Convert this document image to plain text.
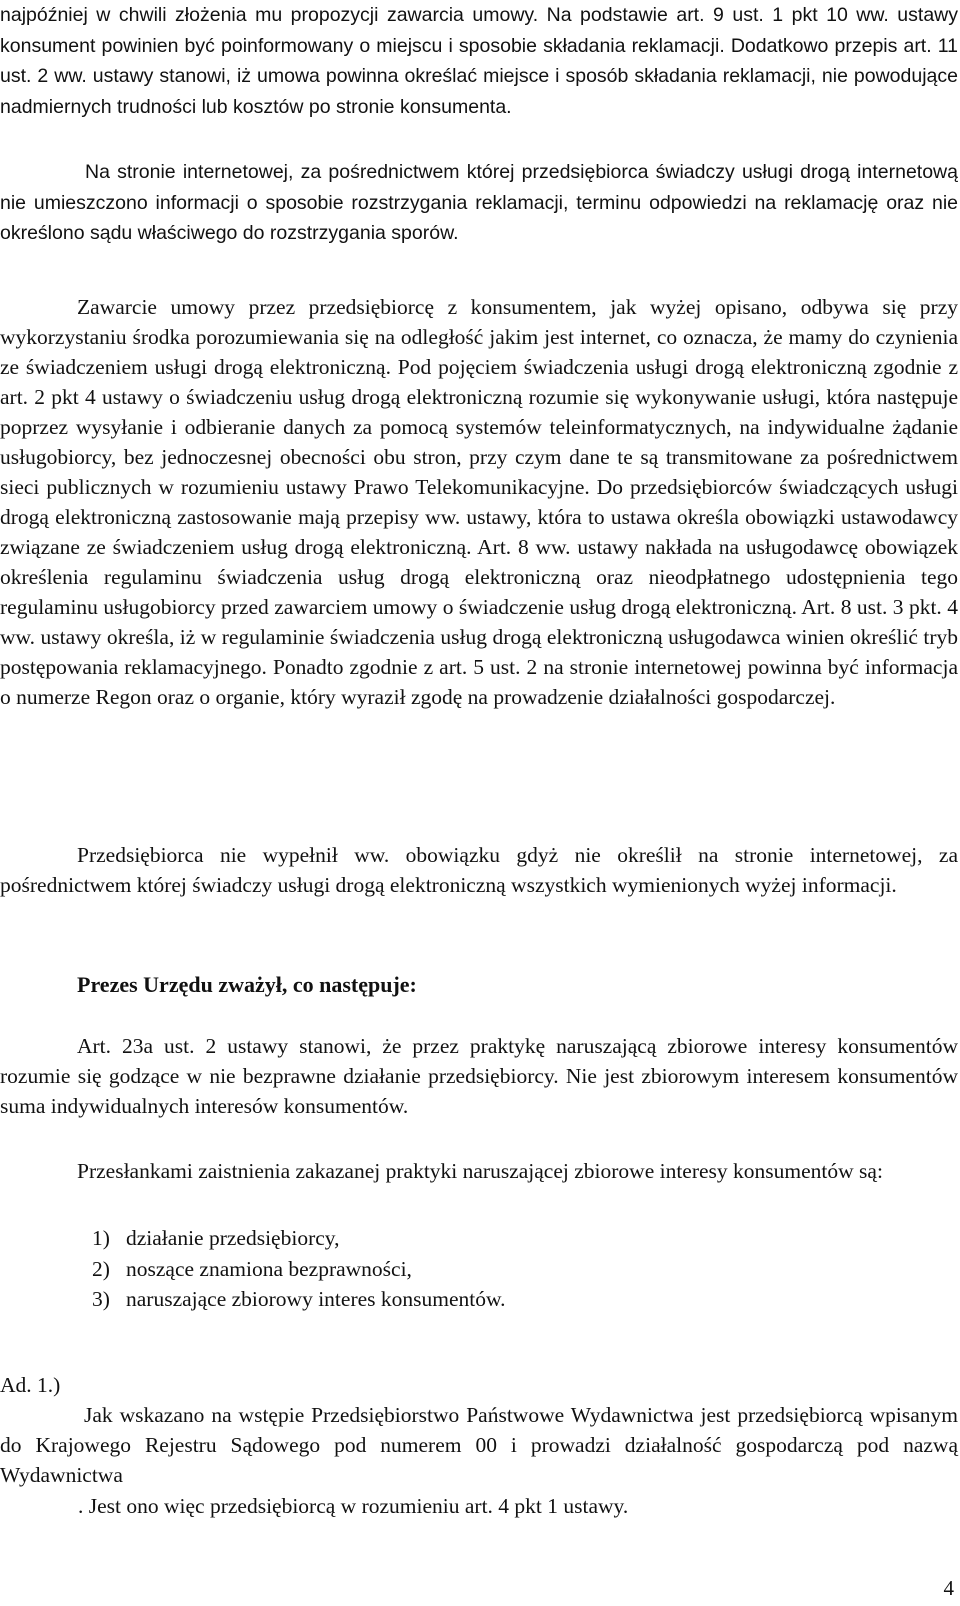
najpóźniej w chwili złożenia mu propozycji zawarcia umowy. Na podstawie art. 9 ust. 1 pkt 10 ww. ustawy konsument powinien być poinformowany o miejscu i sposobie składania reklamacji. Dodatkowo przepis art. 11 ust. 2 ww. ustawy stanowi, iż umowa powinna określać miejsce i sposób składania reklamacji, nie powodujące nadmiernych trudności lub kosztów po stronie konsumenta.

Na stronie internetowej, za pośrednictwem której przedsiębiorca świadczy usługi drogą internetową nie umieszczono informacji o sposobie rozstrzygania reklamacji, terminu odpowiedzi na reklamację oraz nie określono sądu właściwego do rozstrzygania sporów.

Zawarcie umowy przez przedsiębiorcę z konsumentem, jak wyżej opisano, odbywa się przy wykorzystaniu środka porozumiewania się na odległość jakim jest internet, co oznacza, że mamy do czynienia ze świadczeniem usługi drogą elektroniczną. Pod pojęciem świadczenia usługi drogą elektroniczną zgodnie z art. 2 pkt 4 ustawy o świadczeniu usług drogą elektroniczną rozumie się wykonywanie usługi, która następuje poprzez wysyłanie i odbieranie danych za pomocą systemów teleinformatycznych, na indywidualne żądanie usługobiorcy, bez jednoczesnej obecności obu stron, przy czym dane te są transmitowane za pośrednictwem sieci publicznych w rozumieniu ustawy Prawo Telekomunikacyjne. Do przedsiębiorców świadczących usługi drogą elektroniczną zastosowanie mają przepisy ww. ustawy, która to ustawa określa obowiązki ustawodawcy związane ze świadczeniem usług drogą elektroniczną. Art. 8 ww. ustawy nakłada na usługodawcę obowiązek określenia regulaminu świadczenia usług drogą elektroniczną oraz nieodpłatnego udostępnienia tego regulaminu usługobiorcy przed zawarciem umowy o świadczenie usług drogą elektroniczną. Art. 8 ust. 3 pkt. 4 ww. ustawy określa, iż w regulaminie świadczenia usług drogą elektroniczną usługodawca winien określić tryb postępowania reklamacyjnego. Ponadto zgodnie z art. 5 ust. 2 na stronie internetowej powinna być informacja o numerze Regon oraz o organie, który wyraził zgodę na prowadzenie działalności gospodarczej.

Przedsiębiorca nie wypełnił ww. obowiązku gdyż nie określił na stronie internetowej, za pośrednictwem której świadczy usługi drogą elektroniczną wszystkich wymienionych wyżej informacji.

Prezes Urzędu zważył, co następuje:

Art. 23a ust. 2 ustawy stanowi, że przez praktykę naruszającą zbiorowe interesy konsumentów rozumie się godzące w nie bezprawne działanie przedsiębiorcy. Nie jest zbiorowym interesem konsumentów suma indywidualnych interesów konsumentów.

Przesłankami zaistnienia zakazanej praktyki naruszającej zbiorowe interesy konsumentów są:

1) działanie przedsiębiorcy,
2) noszące znamiona bezprawności,
3) naruszające zbiorowy interes konsumentów.

Ad. 1.)

Jak wskazano na wstępie Przedsiębiorstwo Państwowe Wydawnictwa jest przedsiębiorcą wpisanym do Krajowego Rejestru Sądowego pod numerem 00 i prowadzi działalność gospodarczą pod nazwą Wydawnictwa

. Jest ono więc przedsiębiorcą w rozumieniu art. 4 pkt 1 ustawy.

4
